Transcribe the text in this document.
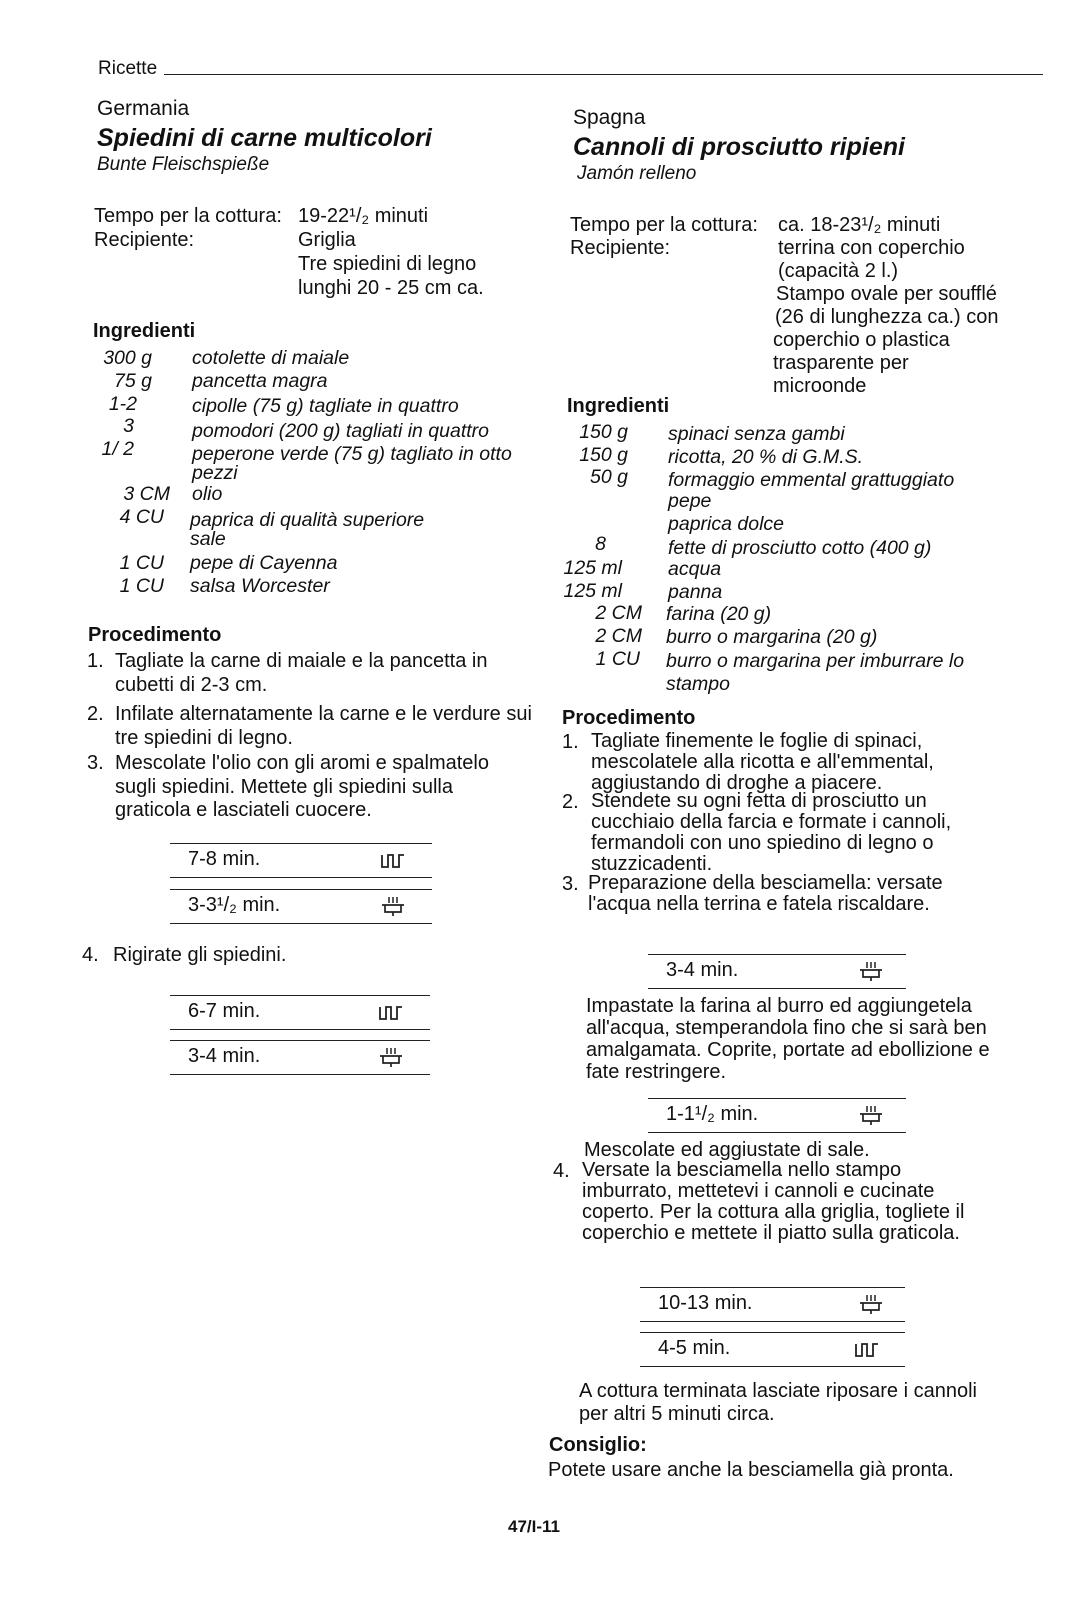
Ricette
Germania
Spiedini di carne multicolori
Bunte Fleischspieße
Tempo per la cottura: 19-22¹/₂ minuti
Recipiente:	Griglia
Tre spiedini di legno
lunghi 20 - 25 cm ca.
Ingredienti
300 g cotolette di maiale
75 g pancetta magra
1-2	cipolle (75 g) tagliate in quattro
3	pomodori (200 g) tagliati in quattro
1/ 2	peperone verde (75 g) tagliato in otto
pezzi
3 CM olio
4 CU paprica di qualità superiore
sale
1 CU pepe di Cayenna
1 CU salsa Worcester
Procedimento
1. Tagliate la carne di maiale e la pancetta in cubetti di 2-3 cm.
2. Infilate alternatamente la carne e le verdure sui tre spiedini di legno.
3. Mescolate l'olio con gli aromi e spalmatelo sugli spiedini. Mettete gli spiedini sulla graticola e lasciateli cuocere.
7-8 min.
3-3¹/₂ min.
4. Rigirate gli spiedini.
6-7 min.
3-4 min.
Spagna
Cannoli di prosciutto ripieni
Jamón relleno
Tempo per la cottura: ca. 18-23¹/₂ minuti
Recipiente:	terrina con coperchio
(capacità 2 l.)
Stampo ovale per soufflé
(26 di lunghezza ca.) con
coperchio o plastica
trasparente per
microonde
Ingredienti
150 g spinaci senza gambi
150 g ricotta, 20 % di G.M.S.
50 g formaggio emmental grattuggiato
pepe
paprica dolce
8	fette di prosciutto cotto (400 g)
125 ml acqua
125 ml panna
2 CM farina (20 g)
2 CM burro o margarina (20 g)
1 CU burro o margarina per imburrare lo
stampo
Procedimento
1. Tagliate finemente le foglie di spinaci, mescolatele alla ricotta e all'emmental, aggiustando di droghe a piacere.
2. Stendete su ogni fetta di prosciutto un cucchiaio della farcia e formate i cannoli, fermandoli con uno spiedino di legno o stuzzicadenti.
3. Preparazione della besciamella: versate l'acqua nella terrina e fatela riscaldare.
3-4 min.
Impastate la farina al burro ed aggiungetela all'acqua, stemperandola fino che si sarà ben amalgamata. Coprite, portate ad ebollizione e fate restringere.
1-1¹/₂ min.
Mescolate ed aggiustate di sale.
4. Versate la besciamella nello stampo imburrato, mettetevi i cannoli e cucinate coperto. Per la cottura alla griglia, togliete il coperchio e mettete il piatto sulla graticola.
10-13 min.
4-5 min.
A cottura terminata lasciate riposare i cannoli per altri 5 minuti circa.
Consiglio:
Potete usare anche la besciamella già pronta.
47/I-11
